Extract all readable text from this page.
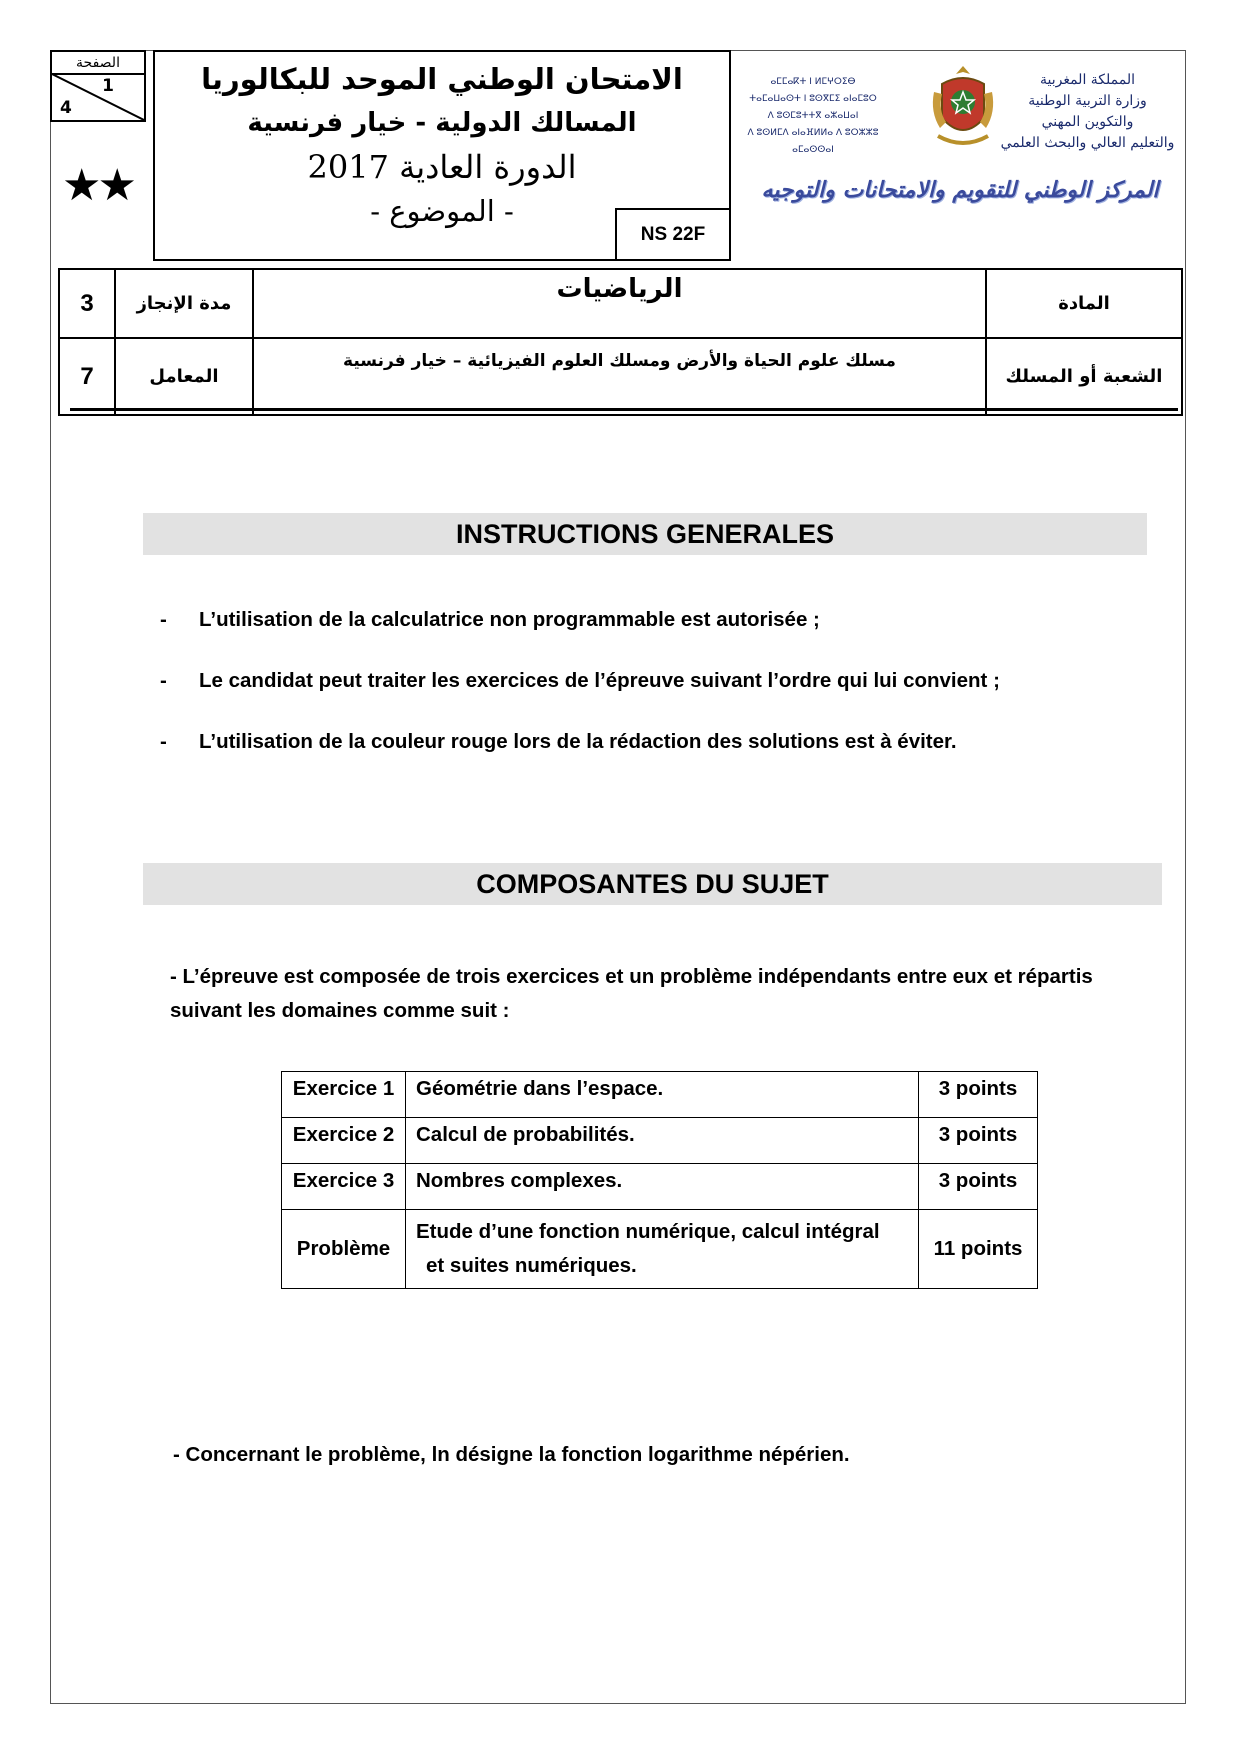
الصفحة
1
4
★★
الامتحان الوطني الموحد للبكالوريا
المسالك الدولية - خيار فرنسية
الدورة العادية 2017
- الموضوع -
NS 22F
ⴰⵎⵎⴰⴽⵜ ⵏ ⵍⵎⵖⵔⵉⴱ
ⵜⴰⵎⴰⵡⴰⵙⵜ ⵏ ⵓⵙⴳⵎⵉ ⴰⵏⴰⵎⵓⵔ
ⴷ ⵓⵙⵎⵓⵜⵜⴳ ⴰⵣⴰⵡⴰⵏ
ⴷ ⵓⵙⵍⵎⴷ ⴰⵏⴰⴼⵍⵍⴰ ⴷ ⵓⵔⵣⵣⵓ ⴰⵎⴰⵙⵙⴰⵏ
المملكة المغربية
وزارة التربية الوطنية
والتكوين المهني
والتعليم العالي والبحث العلمي
المركز الوطني للتقويم والامتحانات والتوجيه
3	مدة الإنجاز	الرياضيات	المادة
7	المعامل	مسلك علوم الحياة والأرض ومسلك العلوم الفيزيائية – خيار فرنسية	الشعبة أو المسلك
INSTRUCTIONS GENERALES
- L’utilisation de la calculatrice non programmable est autorisée ;
- Le candidat peut traiter les exercices de l’épreuve suivant l’ordre qui lui convient ;
- L’utilisation de la couleur rouge lors de la rédaction des solutions est à éviter.
COMPOSANTES DU SUJET
- L’épreuve est composée de trois exercices et un problème indépendants entre eux et répartis
suivant les domaines comme suit :
Exercice 1	Géométrie dans l’espace.	3 points
Exercice 2	Calcul de probabilités.	3 points
Exercice 3	Nombres complexes.	3 points
Problème	Etude d’une fonction numérique, calcul intégral
et suites numériques.	11 points
- Concernant le problème, ln désigne la fonction logarithme népérien.
